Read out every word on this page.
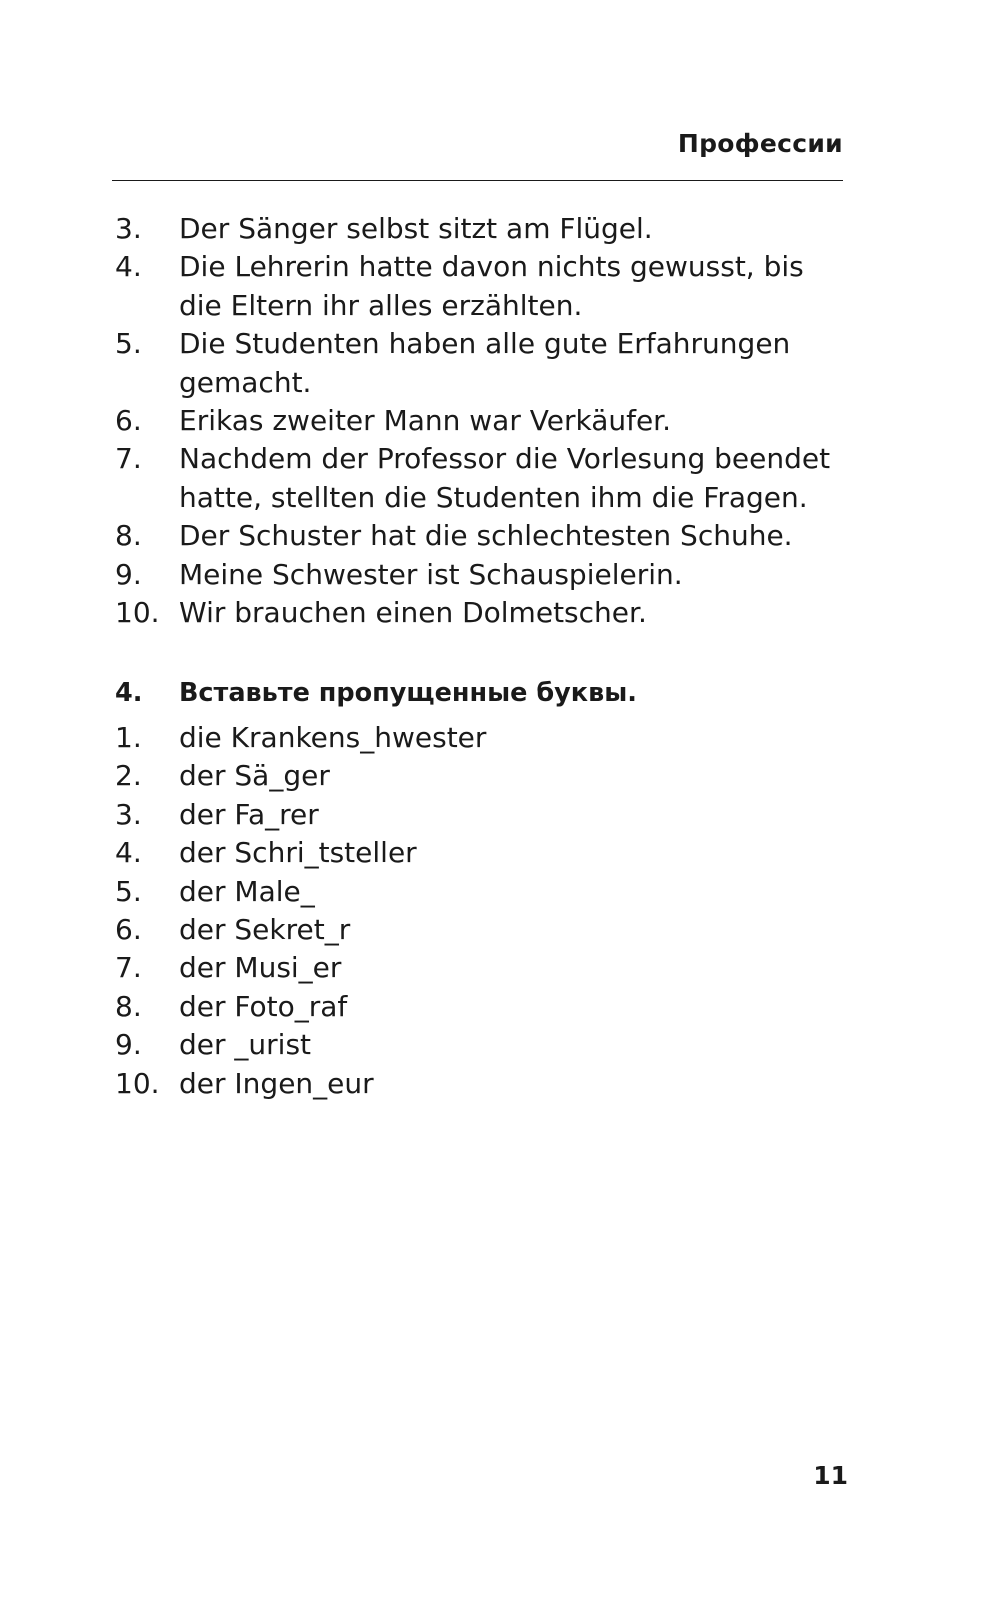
Профессии
3.	Der Sänger selbst sitzt am Flügel.
4.	Die Lehrerin hatte davon nichts gewusst, bis
die Eltern ihr alles erzählten.
5.	Die Studenten haben alle gute Erfahrungen
gemacht.
6.	Erikas zweiter Mann war Verkäufer.
7.	Nachdem der Professor die Vorlesung beendet
hatte, stellten die Studenten ihm die Fragen.
8.	Der Schuster hat die schlechtesten Schuhe.
9.	Meine Schwester ist Schauspielerin.
10. Wir brauchen einen Dolmetscher.
4.	Вставьте пропущенные буквы.
1.	die Krankens_hwester
2.	der Sä_ger
3.	der Fa_rer
4.	der Schri_tsteller
5.	der Male_
6.	der Sekret_r
7.	der Musi_er
8.	der Foto_raf
9.	der _urist
10. der Ingen_eur
11
